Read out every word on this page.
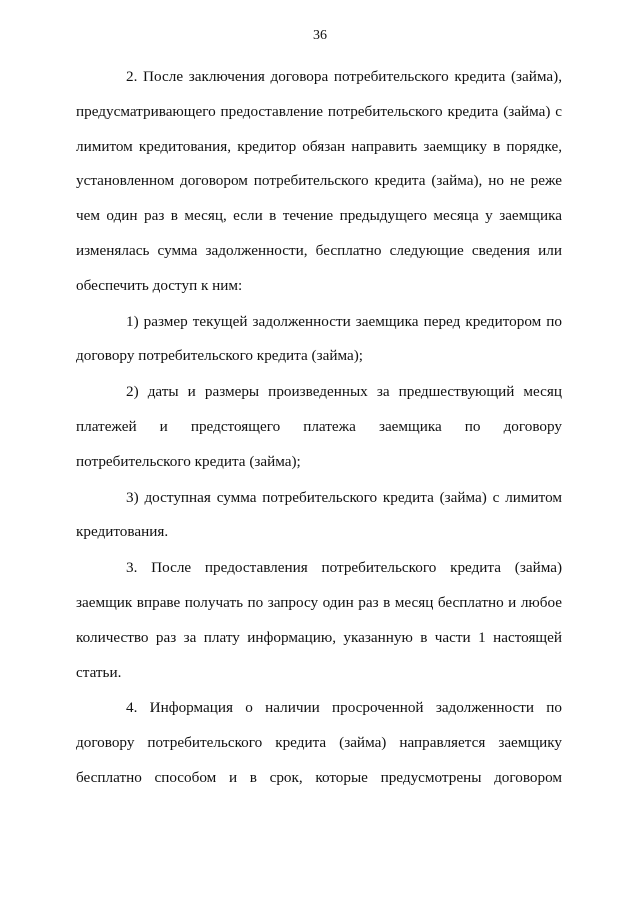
36
2. После заключения договора потребительского кредита (займа),
предусматривающего предоставление потребительского кредита (займа) с
лимитом кредитования, кредитор обязан направить заемщику в порядке,
установленном договором потребительского кредита (займа), но не реже
чем один раз в месяц, если в течение предыдущего месяца у заемщика
изменялась сумма задолженности, бесплатно следующие сведения или
обеспечить доступ к ним:
1) размер текущей задолженности заемщика перед кредитором по
договору потребительского кредита (займа);
2) даты и размеры произведенных за предшествующий месяц
платежей и предстоящего платежа заемщика по договору
потребительского кредита (займа);
3) доступная сумма потребительского кредита (займа) с лимитом
кредитования.
3. После предоставления потребительского кредита (займа)
заемщик вправе получать по запросу один раз в месяц бесплатно и любое
количество раз за плату информацию, указанную в части 1 настоящей
статьи.
4. Информация о наличии просроченной задолженности по
договору потребительского кредита (займа) направляется заемщику
бесплатно способом и в срок, которые предусмотрены договором
